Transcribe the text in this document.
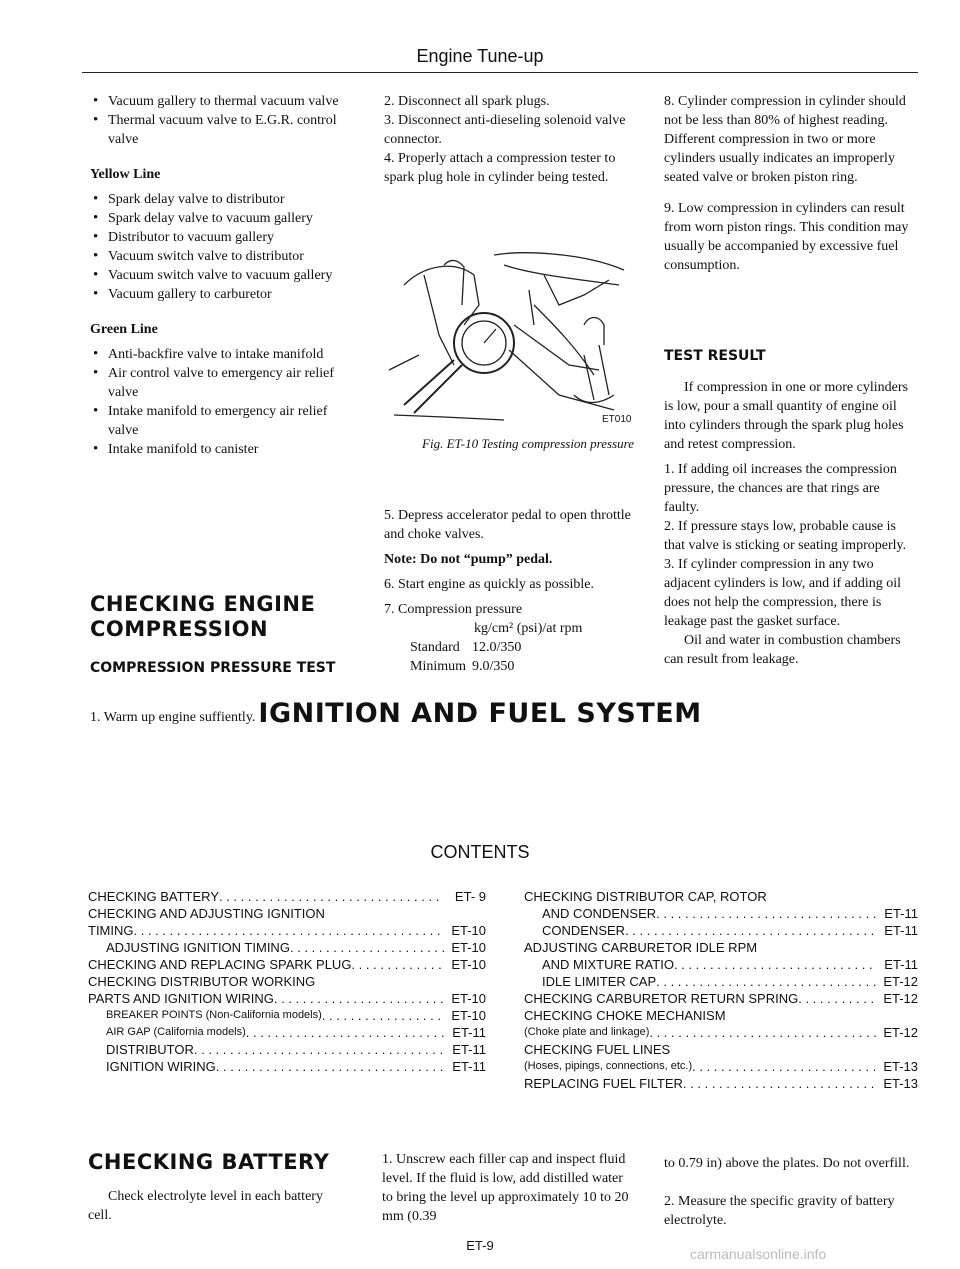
Engine Tune-up
• Vacuum gallery to thermal vacuum valve
• Thermal vacuum valve to E.G.R. control valve
Yellow Line
• Spark delay valve to distributor
• Spark delay valve to vacuum gallery
• Distributor to vacuum gallery
• Vacuum switch valve to distributor
• Vacuum switch valve to vacuum gallery
• Vacuum gallery to carburetor
Green Line
• Anti-backfire valve to intake manifold
• Air control valve to emergency air relief valve
• Intake manifold to emergency air relief valve
• Intake manifold to canister
CHECKING ENGINE COMPRESSION
COMPRESSION PRESSURE TEST
1. Warm up engine suffiently.

2. Disconnect all spark plugs.

3. Disconnect anti-dieseling solenoid valve connector.

4. Properly attach a compression tester to spark plug hole in cylinder being tested.

ET010
Fig. ET-10 Testing compression pressure

5. Depress accelerator pedal to open throttle and choke valves.

Note: Do not “pump” pedal.

6. Start engine as quickly as possible.

7. Compression pressure

kg/cm² (psi)/at rpm
Standard 12.0/350
Minimum 9.0/350

8. Cylinder compression in cylinder should not be less than 80% of highest reading. Different compression in two or more cylinders usually indicates an improperly seated valve or broken piston ring.

9. Low compression in cylinders can result from worn piston rings. This condition may usually be accompanied by excessive fuel consumption.

TEST RESULT

If compression in one or more cylinders is low, pour a small quantity of engine oil into cylinders through the spark plug holes and retest compression.

1. If adding oil increases the compression pressure, the chances are that rings are faulty.

2. If pressure stays low, probable cause is that valve is sticking or seating improperly.

3. If cylinder compression in any two adjacent cylinders is low, and if adding oil does not help the compression, there is leakage past the gasket surface.

Oil and water in combustion chambers can result from leakage.

IGNITION AND FUEL SYSTEM
CONTENTS
CHECKING BATTERY . . .	ET- 9
CHECKING AND ADJUSTING IGNITION
TIMING . . .	ET-10
ADJUSTING IGNITION TIMING . . .	ET-10
CHECKING AND REPLACING SPARK PLUG . . .	ET-10
CHECKING DISTRIBUTOR WORKING
PARTS AND IGNITION WIRING . . .	ET-10
BREAKER POINTS (Non-California models) . . .	ET-10
AIR GAP (California models) . . .	ET-11
DISTRIBUTOR . . .	ET-11
IGNITION WIRING . . .	ET-11
CHECKING DISTRIBUTOR CAP, ROTOR
AND CONDENSER . . .	ET-11
CONDENSER . . .	ET-11
ADJUSTING CARBURETOR IDLE RPM
AND MIXTURE RATIO . . .	ET-11
IDLE LIMITER CAP . . .	ET-12
CHECKING CARBURETOR RETURN SPRING . . .	ET-12
CHECKING CHOKE MECHANISM
(Choke plate and linkage) . . .	ET-12
CHECKING FUEL LINES
(Hoses, pipings, connections, etc.) . . .	ET-13
REPLACING FUEL FILTER . . .	ET-13
CHECKING BATTERY
Check electrolyte level in each battery cell.
1. Unscrew each filler cap and inspect fluid level. If the fluid is low, add distilled water to bring the level up approximately 10 to 20 mm (0.39
to 0.79 in) above the plates. Do not overfill.
2. Measure the specific gravity of battery electrolyte.
ET-9
carmanualsonline.info
